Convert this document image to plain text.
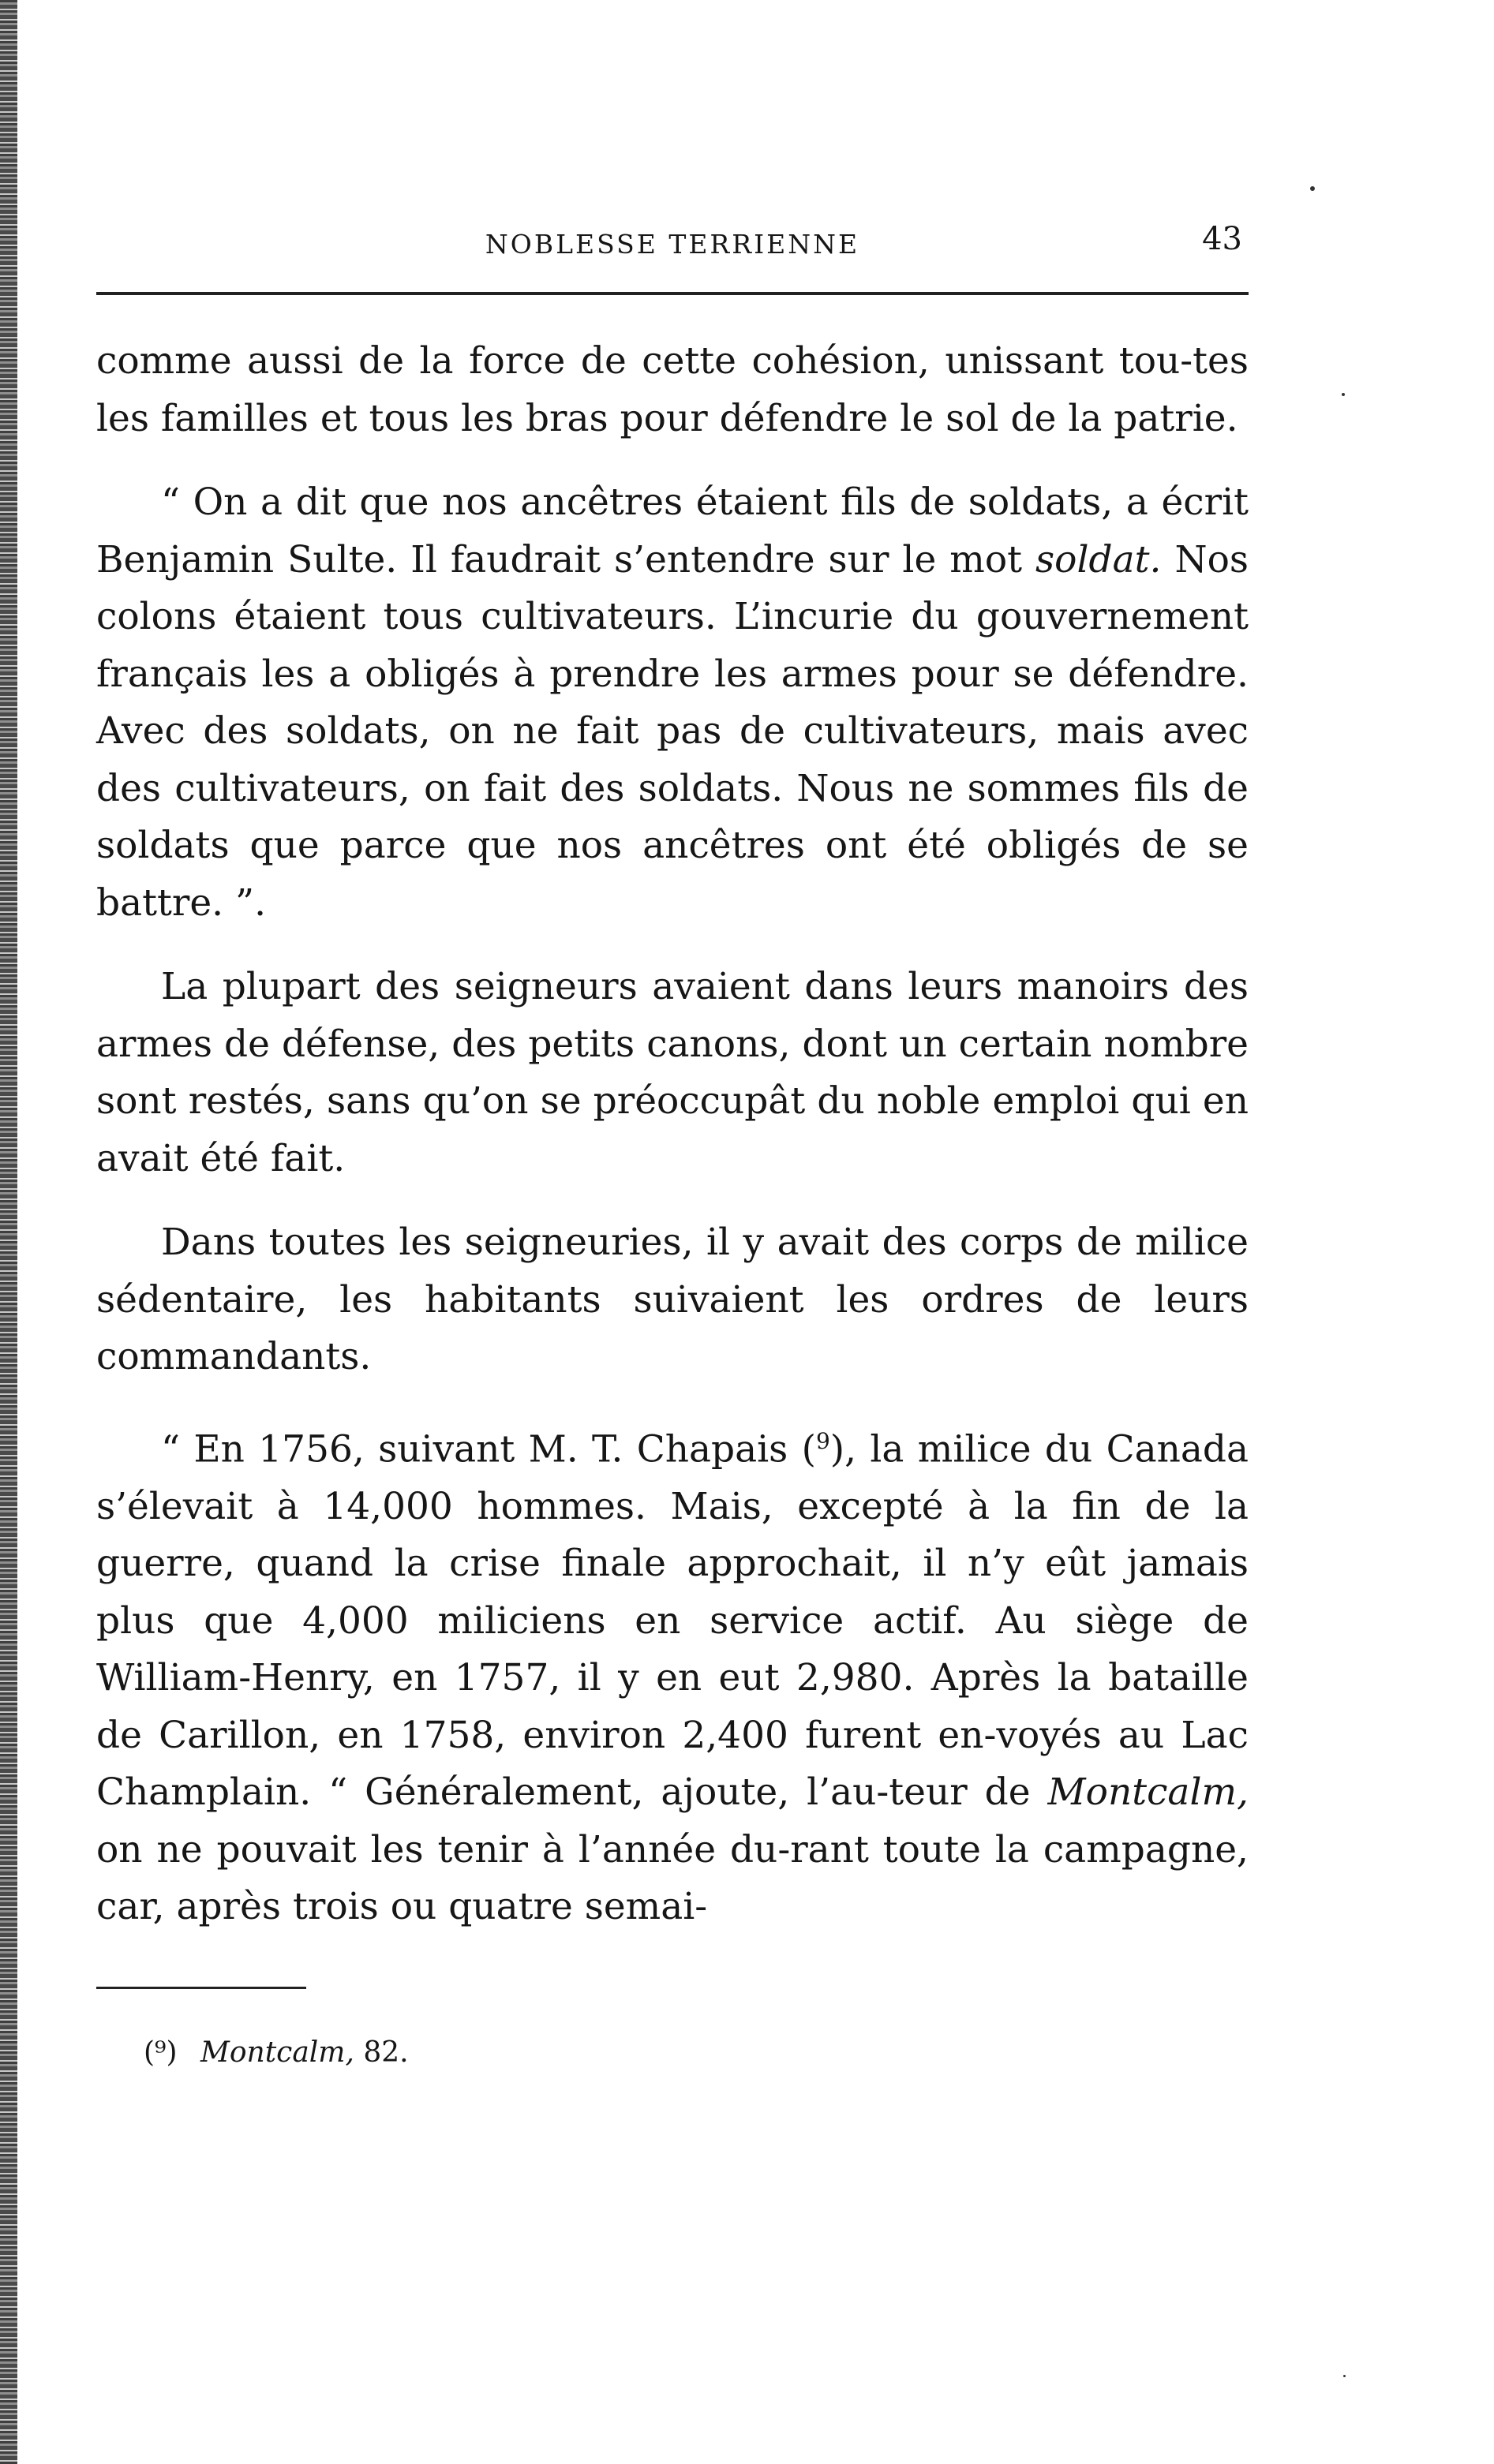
NOBLESSE TERRIENNE	43

comme aussi de la force de cette cohésion, unissant tou-tes les familles et tous les bras pour défendre le sol de la patrie.

“ On a dit que nos ancêtres étaient fils de soldats, a écrit Benjamin Sulte. Il faudrait s’entendre sur le mot soldat. Nos colons étaient tous cultivateurs. L’incurie du gouvernement français les a obligés à prendre les armes pour se défendre. Avec des soldats, on ne fait pas de cultivateurs, mais avec des cultivateurs, on fait des soldats. Nous ne sommes fils de soldats que parce que nos ancêtres ont été obligés de se battre. ”.

La plupart des seigneurs avaient dans leurs manoirs des armes de défense, des petits canons, dont un certain nombre sont restés, sans qu’on se préoccupât du noble emploi qui en avait été fait.

Dans toutes les seigneuries, il y avait des corps de milice sédentaire, les habitants suivaient les ordres de leurs commandants.

“ En 1756, suivant M. T. Chapais ($^9$), la milice du Canada s’élevait à 14,000 hommes. Mais, excepté à la fin de la guerre, quand la crise finale approchait, il n’y eût jamais plus que 4,000 miliciens en service actif. Au siège de William-Henry, en 1757, il y en eut 2,980. Après la bataille de Carillon, en 1758, environ 2,400 furent en-voyés au Lac Champlain. “ Généralement, ajoute, l’au-teur de Montcalm, on ne pouvait les tenir à l’année du-rant toute la campagne, car, après trois ou quatre semai-

(⁹) Montcalm, 82.
